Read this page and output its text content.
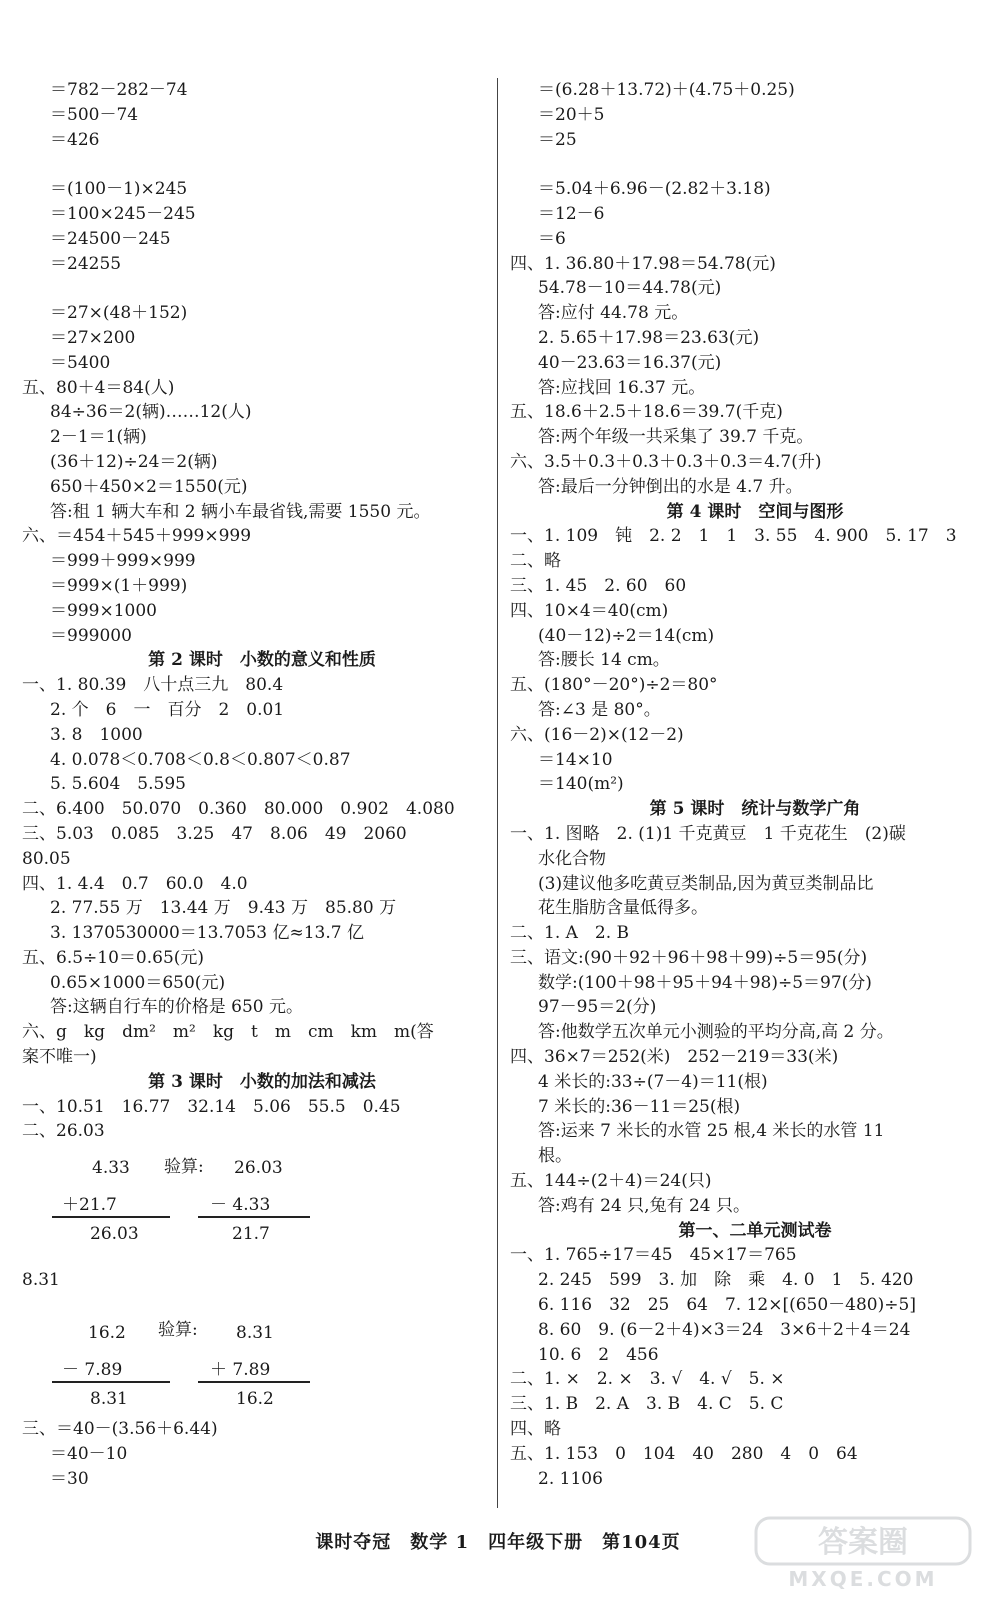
＝782－282－74
＝500－74
＝426
＝(100－1)×245
＝100×245－245
＝24500－245
＝24255
＝27×(48＋152)
＝27×200
＝5400
五、80＋4＝84(人)
84÷36＝2(辆)……12(人)
2－1＝1(辆)
(36＋12)÷24＝2(辆)
650＋450×2＝1550(元)
答:租 1 辆大车和 2 辆小车最省钱,需要 1550 元。
六、＝454＋545＋999×999
＝999＋999×999
＝999×(1＋999)
＝999×1000
＝999000
第 2 课时　小数的意义和性质
一、1. 80.39　八十点三九　80.4
2. 个　6　一　百分　2　0.01
3. 8　1000
4. 0.078＜0.708＜0.8＜0.807＜0.87
5. 5.604　5.595
二、6.400　50.070　0.360　80.000　0.902　4.080
三、5.03　0.085　3.25　47　8.06　49　2060
80.05
四、1. 4.4　0.7　60.0　4.0
2. 77.55 万　13.44 万　9.43 万　85.80 万
3. 1370530000＝13.7053 亿≈13.7 亿
五、6.5÷10＝0.65(元)
0.65×1000＝650(元)
答:这辆自行车的价格是 650 元。
六、g　kg　dm²　m²　kg　t　m　cm　km　m(答
案不唯一)
第 3 课时　小数的加法和减法
一、10.51　16.77　32.14　5.06　55.5　0.45
二、26.03
4.33
＋21.7
26.03
验算: 26.03
－ 4.33
21.7
8.31
16.2
－ 7.89
8.31
验算: 8.31
＋ 7.89
16.2
三、＝40－(3.56＋6.44)
＝40－10
＝30
＝(6.28＋13.72)＋(4.75＋0.25)
＝20＋5
＝25
＝5.04＋6.96－(2.82＋3.18)
＝12－6
＝6
四、1. 36.80＋17.98＝54.78(元)
54.78－10＝44.78(元)
答:应付 44.78 元。
2. 5.65＋17.98＝23.63(元)
40－23.63＝16.37(元)
答:应找回 16.37 元。
五、18.6＋2.5＋18.6＝39.7(千克)
答:两个年级一共采集了 39.7 千克。
六、3.5＋0.3＋0.3＋0.3＋0.3＝4.7(升)
答:最后一分钟倒出的水是 4.7 升。
第 4 课时　空间与图形
一、1. 109　钝　2. 2　1　1　3. 55　4. 900　5. 17　3
二、略
三、1. 45　2. 60　60
四、10×4＝40(cm)
(40－12)÷2＝14(cm)
答:腰长 14 cm。
五、(180°－20°)÷2＝80°
答:∠3 是 80°。
六、(16－2)×(12－2)
＝14×10
＝140(m²)
第 5 课时　统计与数学广角
一、1. 图略　2. (1)1 千克黄豆　1 千克花生　(2)碳
水化合物
(3)建议他多吃黄豆类制品,因为黄豆类制品比
花生脂肪含量低得多。
二、1. A　2. B
三、语文:(90＋92＋96＋98＋99)÷5＝95(分)
数学:(100＋98＋95＋94＋98)÷5＝97(分)
97－95＝2(分)
答:他数学五次单元小测验的平均分高,高 2 分。
四、36×7＝252(米)　252－219＝33(米)
4 米长的:33÷(7－4)＝11(根)
7 米长的:36－11＝25(根)
答:运来 7 米长的水管 25 根,4 米长的水管 11
根。
五、144÷(2＋4)＝24(只)
答:鸡有 24 只,兔有 24 只。
第一、二单元测试卷
一、1. 765÷17＝45　45×17＝765
2. 245　599　3. 加　除　乘　4. 0　1　5. 420
6. 116　32　25　64　7. 12×[(650－480)÷5]
8. 60　9. (6－2＋4)×3＝24　3×6＋2＋4＝24
10. 6　2　456
二、1. ×　2. ×　3. √　4. √　5. ×
三、1. B　2. A　3. B　4. C　5. C
四、略
五、1. 153　0　104　40　280　4　0　64
2. 1106
课时夺冠　数学 1　四年级下册　第104页	答案圈
MXQE.COM
